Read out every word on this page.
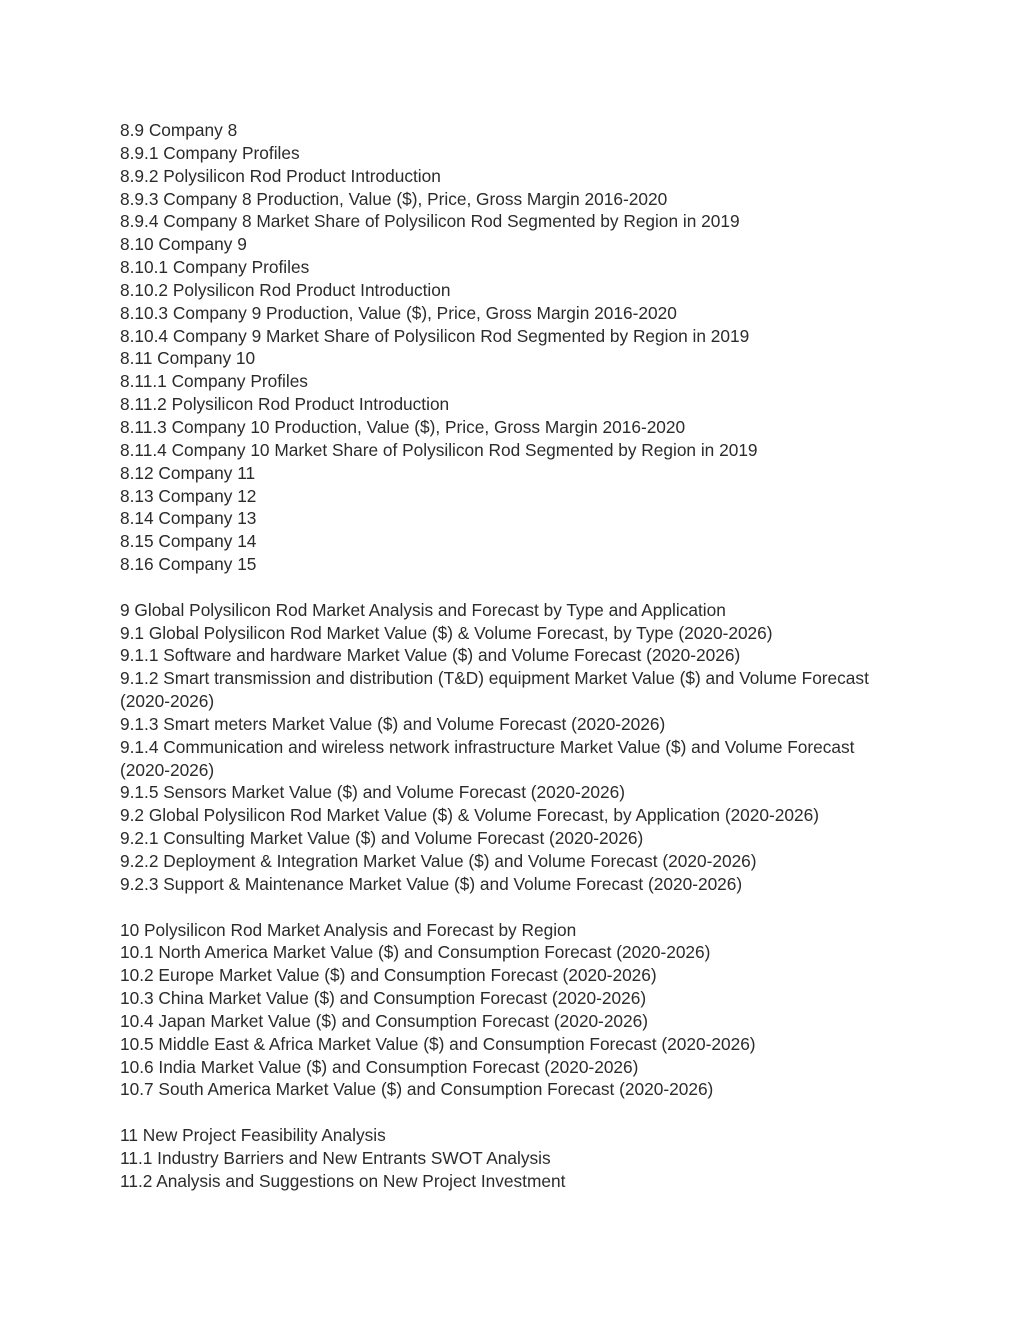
8.9 Company 8
8.9.1 Company Profiles
8.9.2 Polysilicon Rod Product Introduction
8.9.3 Company 8 Production, Value ($), Price, Gross Margin 2016-2020
8.9.4 Company 8 Market Share of Polysilicon Rod Segmented by Region in 2019
8.10 Company 9
8.10.1 Company Profiles
8.10.2 Polysilicon Rod Product Introduction
8.10.3 Company 9 Production, Value ($), Price, Gross Margin 2016-2020
8.10.4 Company 9 Market Share of Polysilicon Rod Segmented by Region in 2019
8.11 Company 10
8.11.1 Company Profiles
8.11.2 Polysilicon Rod Product Introduction
8.11.3 Company 10 Production, Value ($), Price, Gross Margin 2016-2020
8.11.4 Company 10 Market Share of Polysilicon Rod Segmented by Region in 2019
8.12 Company 11
8.13 Company 12
8.14 Company 13
8.15 Company 14
8.16 Company 15
9 Global Polysilicon Rod Market Analysis and Forecast by Type and Application
9.1 Global Polysilicon Rod Market Value ($) & Volume Forecast, by Type (2020-2026)
9.1.1 Software and hardware Market Value ($) and Volume Forecast (2020-2026)
9.1.2 Smart transmission and distribution (T&D) equipment Market Value ($) and Volume Forecast (2020-2026)
9.1.3 Smart meters Market Value ($) and Volume Forecast (2020-2026)
9.1.4 Communication and wireless network infrastructure Market Value ($) and Volume Forecast (2020-2026)
9.1.5 Sensors Market Value ($) and Volume Forecast (2020-2026)
9.2 Global Polysilicon Rod Market Value ($) & Volume Forecast, by Application (2020-2026)
9.2.1 Consulting Market Value ($) and Volume Forecast (2020-2026)
9.2.2 Deployment & Integration Market Value ($) and Volume Forecast (2020-2026)
9.2.3 Support & Maintenance Market Value ($) and Volume Forecast (2020-2026)
10 Polysilicon Rod Market Analysis and Forecast by Region
10.1 North America Market Value ($) and Consumption Forecast (2020-2026)
10.2 Europe Market Value ($) and Consumption Forecast (2020-2026)
10.3 China Market Value ($) and Consumption Forecast (2020-2026)
10.4 Japan Market Value ($) and Consumption Forecast (2020-2026)
10.5 Middle East & Africa Market Value ($) and Consumption Forecast (2020-2026)
10.6 India Market Value ($) and Consumption Forecast (2020-2026)
10.7 South America Market Value ($) and Consumption Forecast (2020-2026)
11 New Project Feasibility Analysis
11.1 Industry Barriers and New Entrants SWOT Analysis
11.2 Analysis and Suggestions on New Project Investment
